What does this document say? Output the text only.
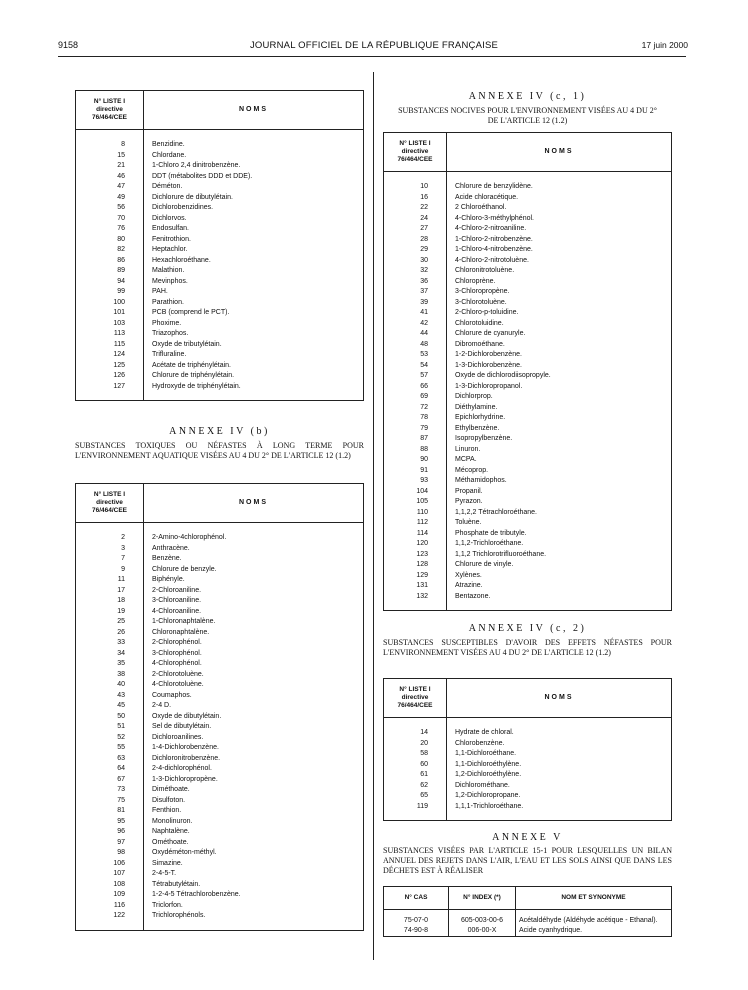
9158	JOURNAL OFFICIEL DE LA RÉPUBLIQUE FRANÇAISE	17 juin 2000
N° LISTE I
directive
76/464/CEE	NOMS

8	Benzidine.
15	Chlordane.
21	1-Chloro 2,4 dinitrobenzène.
46	DDT (métabolites DDD et DDE).
47	Déméton.
49	Dichlorure de dibutylétain.
56	Dichlorobenzidines.
70	Dichlorvos.
76	Endosulfan.
80	Fenitrothion.
82	Heptachlor.
86	Hexachloroéthane.
89	Malathion.
94	Mevinphos.
99	PAH.
100	Parathion.
101	PCB (comprend le PCT).
103	Phoxime.
113	Triazophos.
115	Oxyde de tributylétain.
124	Trifluraline.
125	Acétate de triphénylétain.
126	Chlorure de triphénylétain.
127	Hydroxyde de triphénylétain.

ANNEXE IV (b)
SUBSTANCES TOXIQUES OU NÉFASTES À LONG TERME POUR L'ENVIRONNEMENT AQUATIQUE VISÉES AU 4 DU 2° DE L'ARTICLE 12 (1.2)
N° LISTE I
directive
76/464/CEE	NOMS

2	2-Amino-4chlorophénol.
3	Anthracène.
7	Benzène.
9	Chlorure de benzyle.
11	Biphényle.
17	2-Chloroaniline.
18	3-Chloroaniline.
19	4-Chloroaniline.
25	1-Chloronaphtalène.
26	Chloronaphtalène.
33	2-Chlorophénol.
34	3-Chlorophénol.
35	4-Chlorophénol.
38	2-Chlorotoluène.
40	4-Chlorotoluène.
43	Coumaphos.
45	2-4 D.
50	Oxyde de dibutylétain.
51	Sel de dibutylétain.
52	Dichloroanilines.
55	1-4-Dichlorobenzène.
63	Dichloronitrobenzène.
64	2-4-dichlorophénol.
67	1-3-Dichloropropène.
73	Diméthoate.
75	Disulfoton.
81	Fenthion.
95	Monolinuron.
96	Naphtalène.
97	Ométhoate.
98	Oxydéméton-méthyl.
106	Simazine.
107	2-4-5-T.
108	Tétrabutylétain.
109	1-2-4-5 Tétrachlorobenzène.
116	Triclorfon.
122	Trichlorophénols.

ANNEXE IV (c, 1)
SUBSTANCES NOCIVES POUR L'ENVIRONNEMENT VISÉES AU 4 DU 2° DE L'ARTICLE 12 (1.2)
N° LISTE I
directive
76/464/CEE	NOMS

10	Chlorure de benzylidène.
16	Acide chloracétique.
22	2 Chloroéthanol.
24	4-Chloro-3-méthylphénol.
27	4-Chloro-2-nitroaniline.
28	1-Chloro-2-nitrobenzène.
29	1-Chloro-4-nitrobenzène.
30	4-Chloro-2-nitrotoluène.
32	Chloronitrotoluène.
36	Chloroprène.
37	3-Chloropropène.
39	3-Chlorotoluène.
41	2-Chloro-p-toluidine.
42	Chlorotoluidine.
44	Chlorure de cyanuryle.
48	Dibromoéthane.
53	1-2-Dichlorobenzène.
54	1-3-Dichlorobenzène.
57	Oxyde de dichlorodiisopropyle.
66	1-3-Dichloropropanol.
69	Dichlorprop.
72	Diéthylamine.
78	Epichlorhydrine.
79	Ethylbenzène.
87	Isopropylbenzène.
88	Linuron.
90	MCPA.
91	Mécoprop.
93	Méthamidophos.
104	Propanil.
105	Pyrazon.
110	1,1,2,2 Tétrachloroéthane.
112	Toluène.
114	Phosphate de tributyle.
120	1,1,2-Trichloroéthane.
123	1,1,2 Trichlorotrifluoroéthane.
128	Chlorure de vinyle.
129	Xylènes.
131	Atrazine.
132	Bentazone.

ANNEXE IV (c, 2)
SUBSTANCES SUSCEPTIBLES D'AVOIR DES EFFETS NÉFASTES POUR L'ENVIRONNEMENT VISÉES AU 4 DU 2° DE L'ARTICLE 12 (1.2)
N° LISTE I
directive
76/464/CEE	NOMS

14	Hydrate de chloral.
20	Chlorobenzène.
58	1,1-Dichloroéthane.
60	1,1-Dichloroéthylène.
61	1,2-Dichloroéthylène.
62	Dichlorométhane.
65	1,2-Dichloropropane.
119	1,1,1-Trichloroéthane.

ANNEXE V
SUBSTANCES VISÉES PAR L'ARTICLE 15-1 POUR LESQUELLES UN BILAN ANNUEL DES REJETS DANS L'AIR, L'EAU ET LES SOLS AINSI QUE DANS LES DÉCHETS EST À RÉALISER
N° CAS	N° INDEX (*)	NOM ET SYNONYME

75-07-0	605-003-00-6	Acétaldéhyde (Aldéhyde acétique - Ethanal).
74-90-8	006-00-X	Acide cyanhydrique.
